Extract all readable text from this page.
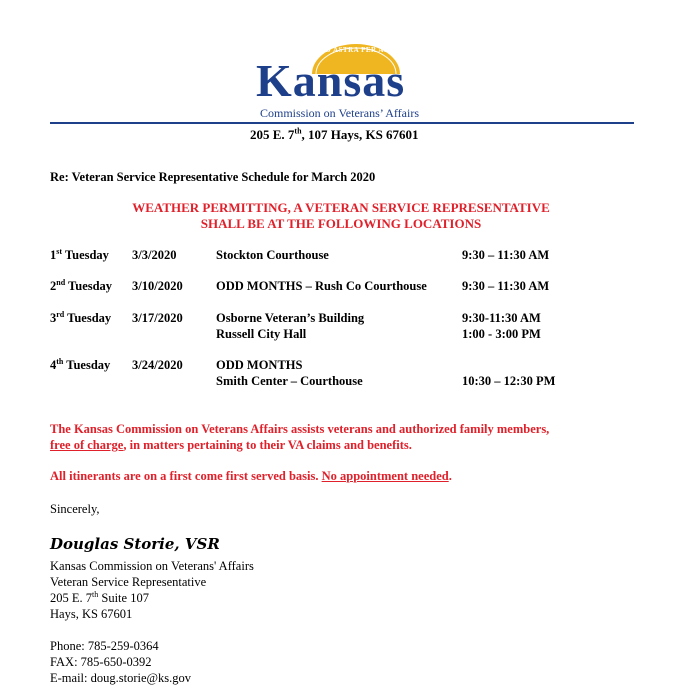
AD ASTRA PER ASPERA
Kansas
Commission on Veterans’ Affairs
205 E. 7th, 107 Hays, KS 67601
Re: Veteran Service Representative Schedule for March 2020
WEATHER PERMITTING, A VETERAN SERVICE REPRESENTATIVE
SHALL BE AT THE FOLLOWING LOCATIONS
1st Tuesday 3/3/2020	Stockton Courthouse	9:30 – 11:30 AM
2nd Tuesday 3/10/2020	ODD MONTHS – Rush Co Courthouse	9:30 – 11:30 AM
3rd Tuesday 3/17/2020	Osborne Veteran’s Building	9:30-11:30 AM
Russell City Hall	1:00 - 3:00 PM
4th Tuesday 3/24/2020	ODD MONTHS
Smith Center – Courthouse	10:30 – 12:30 PM
The Kansas Commission on Veterans Affairs assists veterans and authorized family members,
free of charge, in matters pertaining to their VA claims and benefits.
All itinerants are on a first come first served basis. No appointment needed.
Sincerely,
Douglas Storie, VSR
Kansas Commission on Veterans' Affairs
Veteran Service Representative
205 E. 7th Suite 107
Hays, KS 67601
Phone: 785-259-0364
FAX: 785-650-0392
E-mail: doug.storie@ks.gov
